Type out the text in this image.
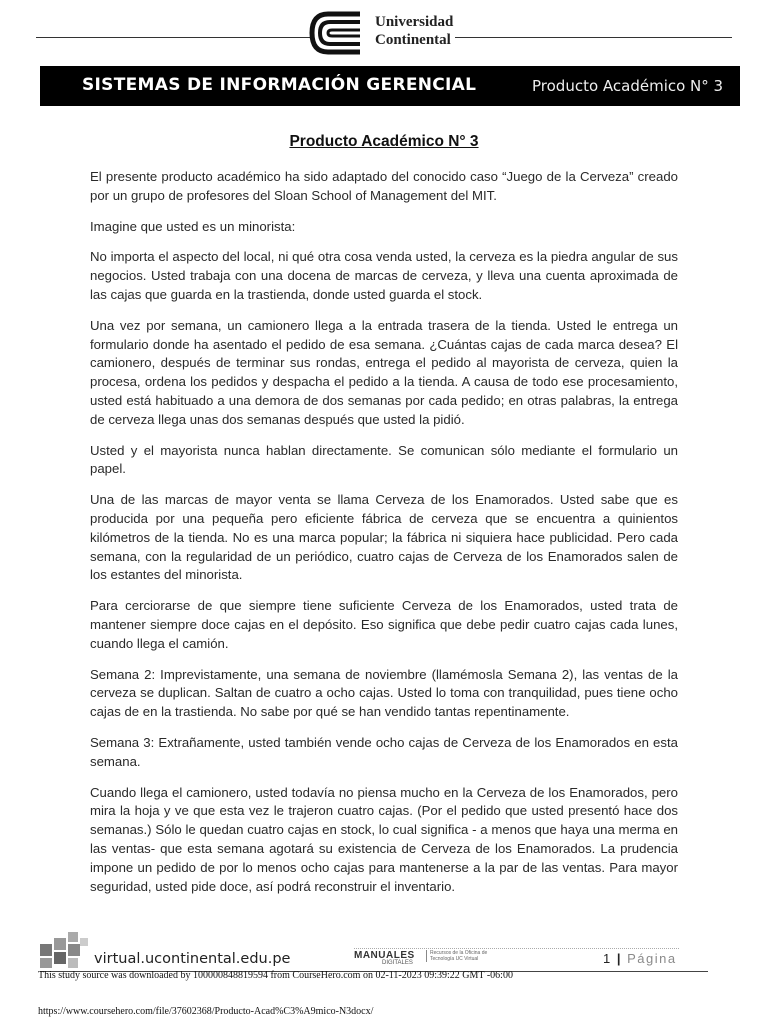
Universidad
Continental
Producto Académico N° 3
SISTEMAS DE INFORMACIÓN GERENCIAL
Producto Académico N° 3

El presente producto académico ha sido adaptado del conocido caso “Juego de la Cerveza” creado por un grupo de profesores del Sloan School of Management del MIT.

Imagine que usted es un minorista:

No importa el aspecto del local, ni qué otra cosa venda usted, la cerveza es la piedra angular de sus negocios. Usted trabaja con una docena de marcas de cerveza, y lleva una cuenta aproximada de las cajas que guarda en la trastienda, donde usted guarda el stock.

Una vez por semana, un camionero llega a la entrada trasera de la tienda. Usted le entrega un formulario donde ha asentado el pedido de esa semana. ¿Cuántas cajas de cada marca desea? El camionero, después de terminar sus rondas, entrega el pedido al mayorista de cerveza, quien la procesa, ordena los pedidos y despacha el pedido a la tienda. A causa de todo ese procesamiento, usted está habituado a una demora de dos semanas por cada pedido; en otras palabras, la entrega de cerveza llega unas dos semanas después que usted la pidió.

Usted y el mayorista nunca hablan directamente. Se comunican sólo mediante el formulario un papel.

Una de las marcas de mayor venta se llama Cerveza de los Enamorados. Usted sabe que es producida por una pequeña pero eficiente fábrica de cerveza que se encuentra a quinientos kilómetros de la tienda. No es una marca popular; la fábrica ni siquiera hace publicidad. Pero cada semana, con la regularidad de un periódico, cuatro cajas de Cerveza de los Enamorados salen de los estantes del minorista.

Para cerciorarse de que siempre tiene suficiente Cerveza de los Enamorados, usted trata de mantener siempre doce cajas en el depósito. Eso significa que debe pedir cuatro cajas cada lunes, cuando llega el camión.

Semana 2: Imprevistamente, una semana de noviembre (llamémosla Semana 2), las ventas de la cerveza se duplican. Saltan de cuatro a ocho cajas. Usted lo toma con tranquilidad, pues tiene ocho cajas de en la trastienda. No sabe por qué se han vendido tantas repentinamente.

Semana 3: Extrañamente, usted también vende ocho cajas de Cerveza de los Enamorados en esta semana.

Cuando llega el camionero, usted todavía no piensa mucho en la Cerveza de los Enamorados, pero mira la hoja y ve que esta vez le trajeron cuatro cajas. (Por el pedido que usted presentó hace dos semanas.) Sólo le quedan cuatro cajas en stock, lo cual significa - a menos que haya una merma en las ventas- que esta semana agotará su existencia de Cerveza de los Enamorados. La prudencia impone un pedido de por lo menos ocho cajas para mantenerse a la par de las ventas. Para mayor seguridad, usted pide doce, así podrá reconstruir el inventario.

virtual.ucontinental.edu.pe	MANUALES
DIGITALES
Recursos de la Oficina de Tecnología UC Virtual	1 | Página
This study source was downloaded by 100000848819594 from CourseHero.com on 02-11-2023 09:39:22 GMT -06:00
https://www.coursehero.com/file/37602368/Producto-Acad%C3%A9mico-N3docx/
